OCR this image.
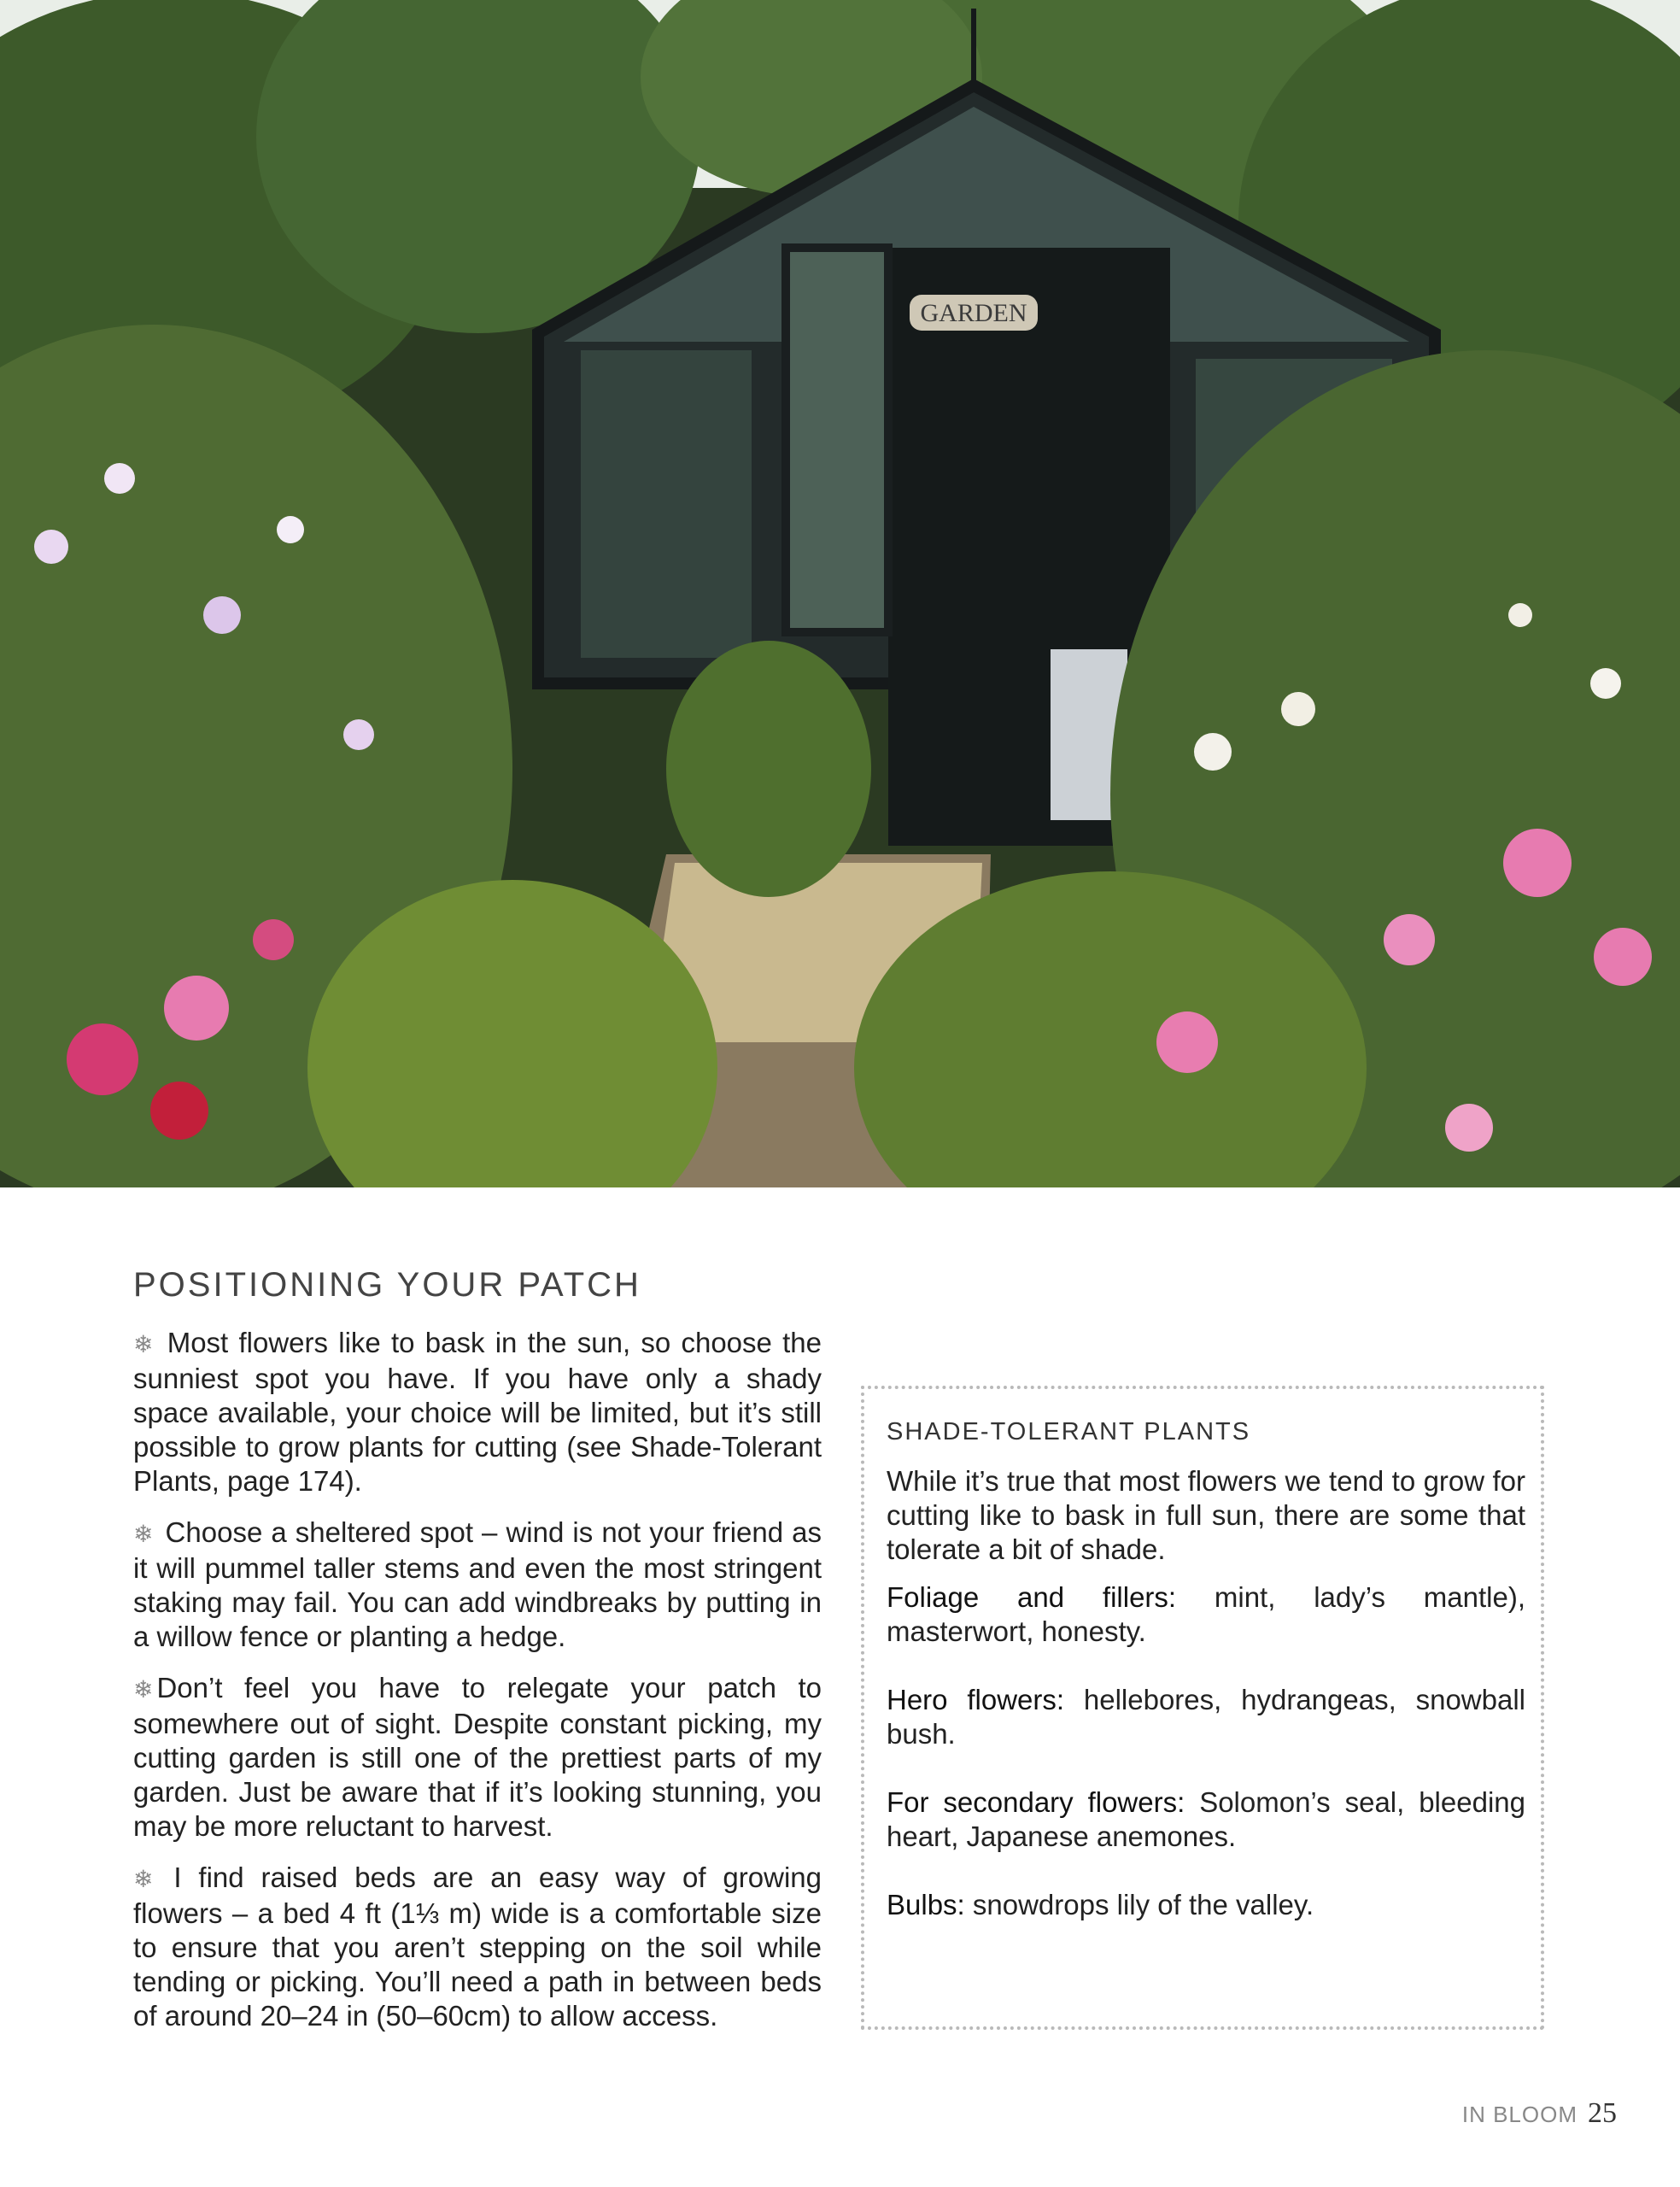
GARDEN
POSITIONING YOUR PATCH

❄ Most flowers like to bask in the sun, so choose the sunniest spot you have. If you have only a shady space available, your choice will be limited, but it’s still possible to grow plants for cutting (see Shade-Tolerant Plants, page 174).

❄ Choose a sheltered spot – wind is not your friend as it will pummel taller stems and even the most stringent staking may fail. You can add windbreaks by putting in a willow fence or planting a hedge.

❄ Don’t feel you have to relegate your patch to somewhere out of sight. Despite constant picking, my cutting garden is still one of the prettiest parts of my garden. Just be aware that if it’s looking stunning, you may be more reluctant to harvest.

❄ I find raised beds are an easy way of growing flowers – a bed 4 ft (1⅓ m) wide is a comfortable size to ensure that you aren’t stepping on the soil while tending or picking. You’ll need a path in between beds of around 20–24 in (50–60cm) to allow access.

SHADE-TOLERANT PLANTS

While it’s true that most flowers we tend to grow for cutting like to bask in full sun, there are some that tolerate a bit of shade.

Foliage and fillers: mint, lady’s mantle), masterwort, honesty.

Hero flowers: hellebores, hydrangeas, snowball bush.

For secondary flowers: Solomon’s seal, bleeding heart, Japanese anemones.

Bulbs: snowdrops lily of the valley.

IN BLOOM 25
